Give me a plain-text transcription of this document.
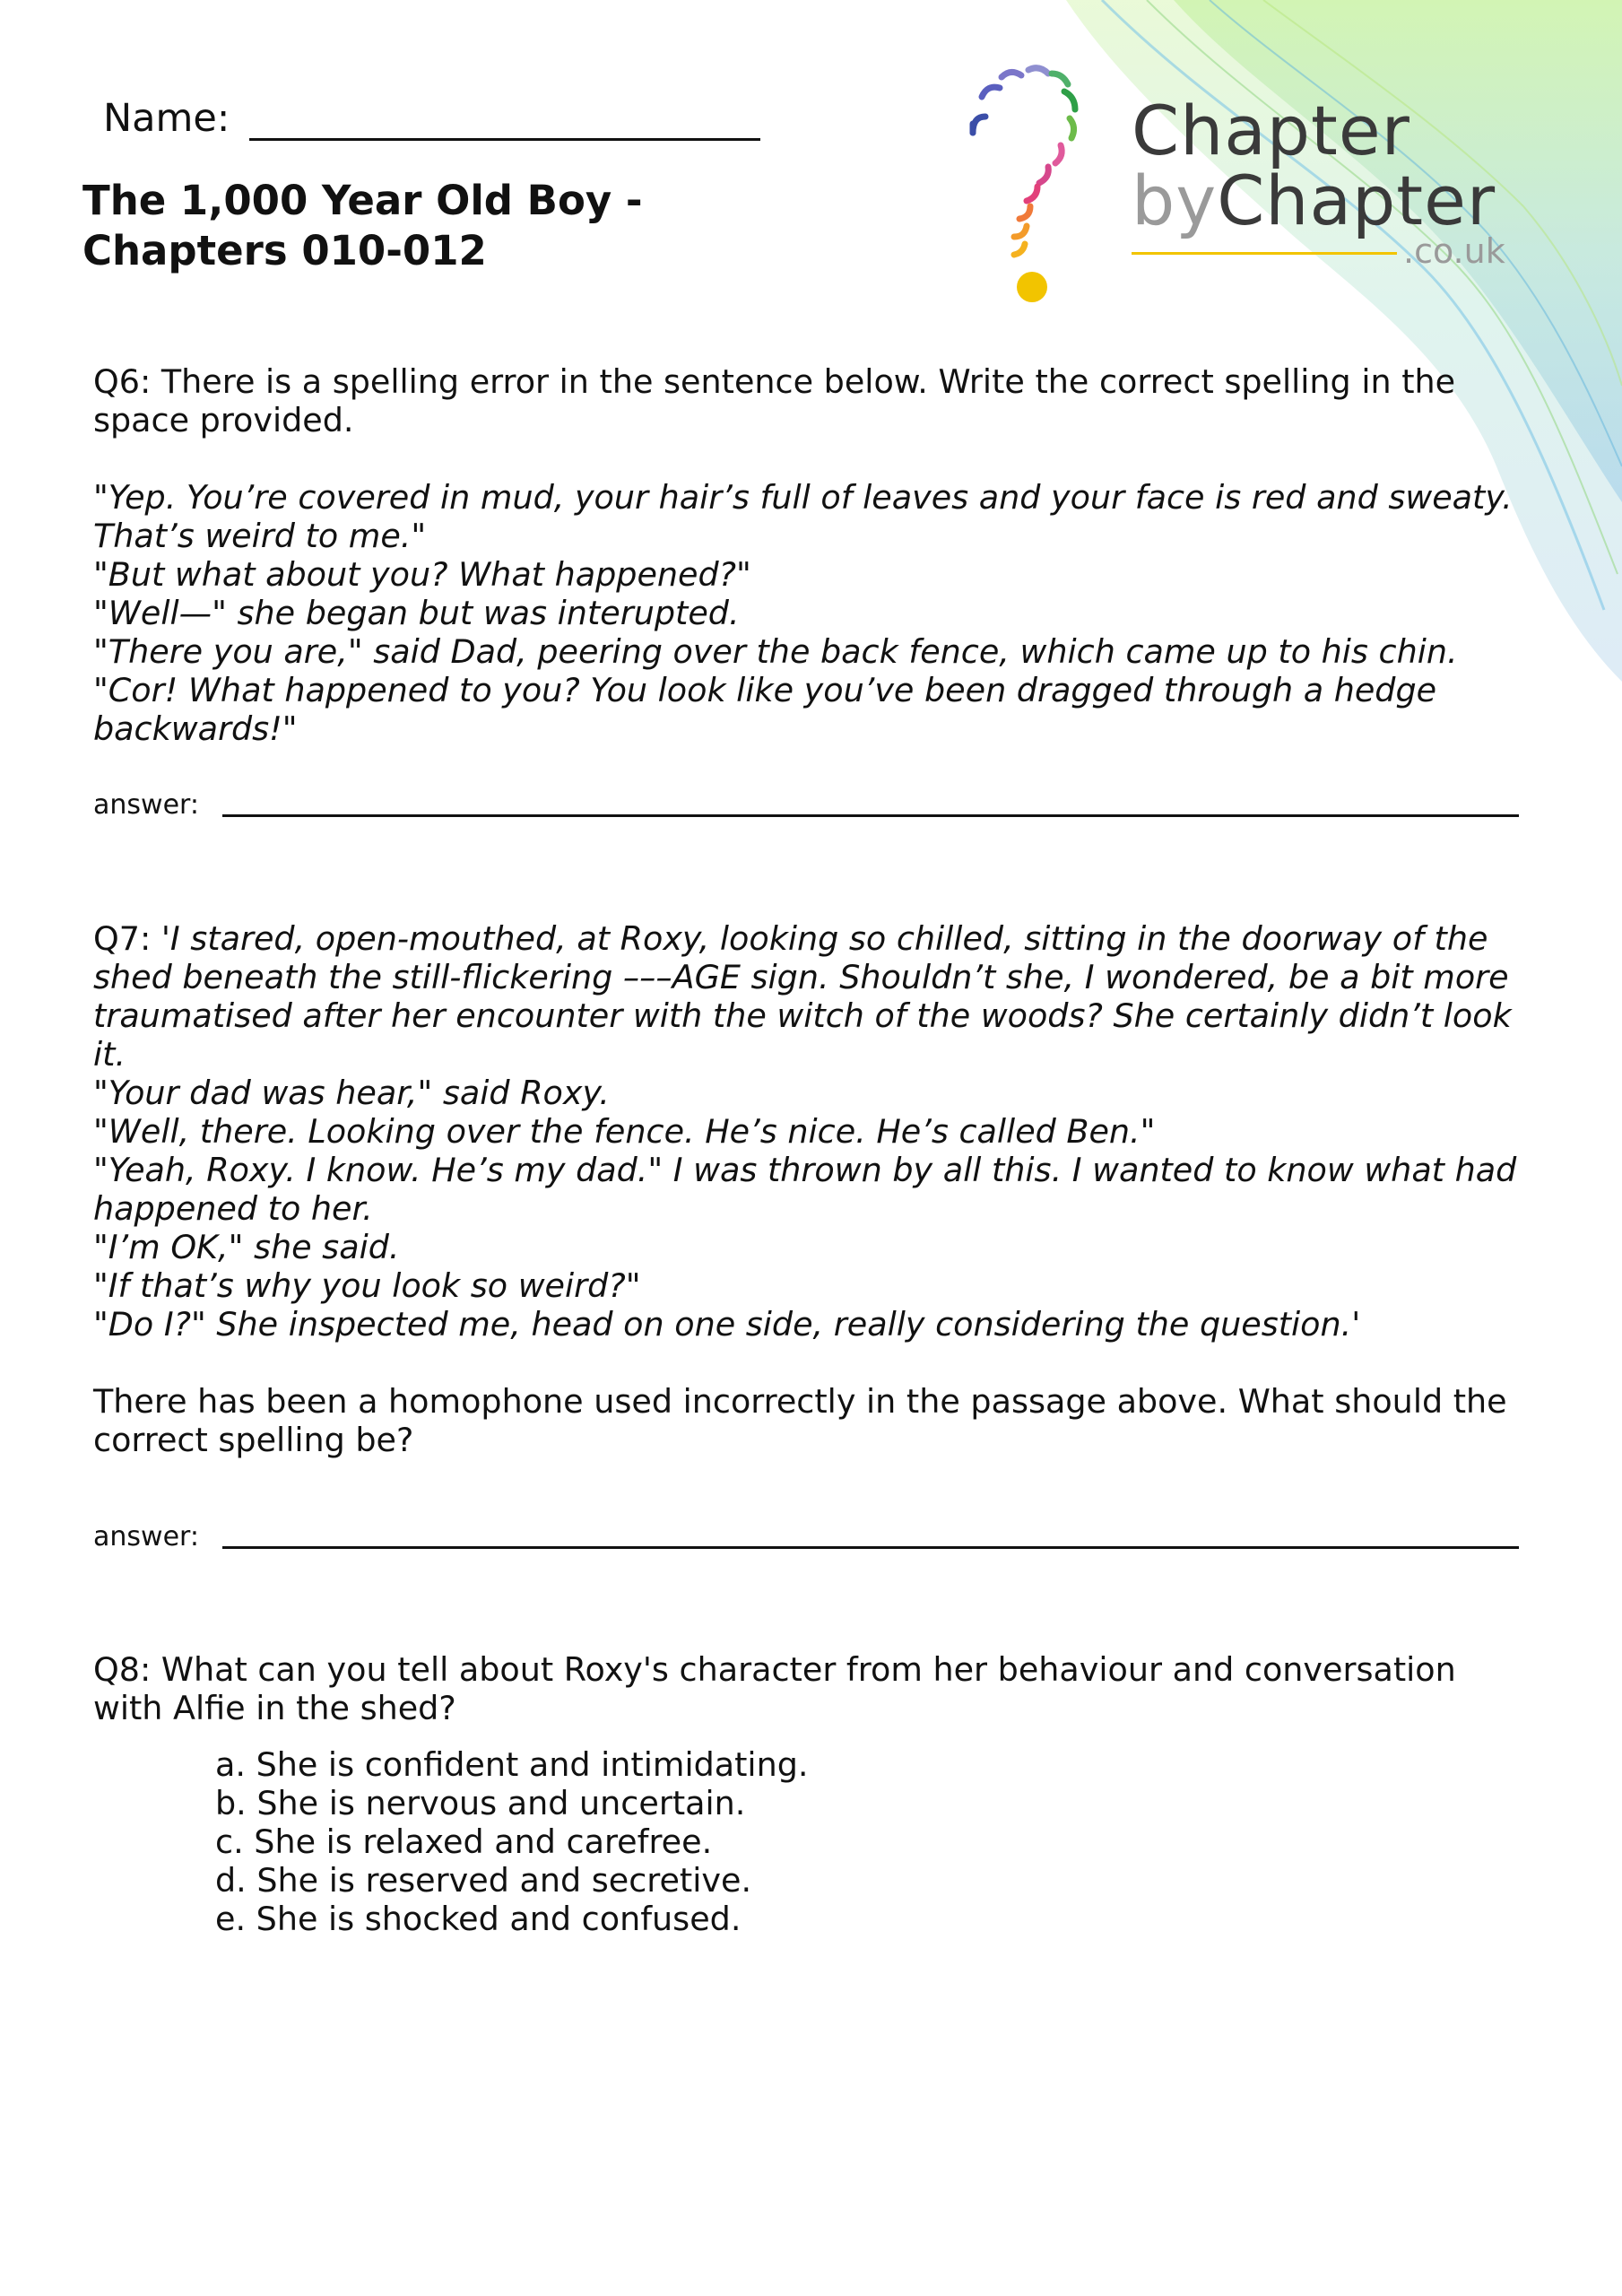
Name:
The 1,000 Year Old Boy -
Chapters 010-012
Chapter
byChapter
.co.uk

Q6: There is a spelling error in the sentence below. Write the correct spelling in the space provided.

"Yep. You’re covered in mud, your hair’s full of leaves and your face is red and sweaty.

That’s weird to me."

"But what about you? What happened?"

"Well—" she began but was interupted.

"There you are," said Dad, peering over the back fence, which came up to his chin.

"Cor! What happened to you? You look like you’ve been dragged through a hedge

backwards!"

answer:

Q7: 'I stared, open-mouthed, at Roxy, looking so chilled, sitting in the doorway of the

shed beneath the still-flickering –––AGE sign. Shouldn’t she, I wondered, be a bit more

traumatised after her encounter with the witch of the woods? She certainly didn’t look

it.

"Your dad was hear," said Roxy.

"Well, there. Looking over the fence. He’s nice. He’s called Ben."

"Yeah, Roxy. I know. He’s my dad." I was thrown by all this. I wanted to know what had

happened to her.

"I’m OK," she said.

"If that’s why you look so weird?"

"Do I?" She inspected me, head on one side, really considering the question.'

There has been a homophone used incorrectly in the passage above. What should the correct spelling be?

answer:

Q8: What can you tell about Roxy's character from her behaviour and conversation with Alfie in the shed?

a. She is confident and intimidating.
b. She is nervous and uncertain.
c. She is relaxed and carefree.
d. She is reserved and secretive.
e. She is shocked and confused.
